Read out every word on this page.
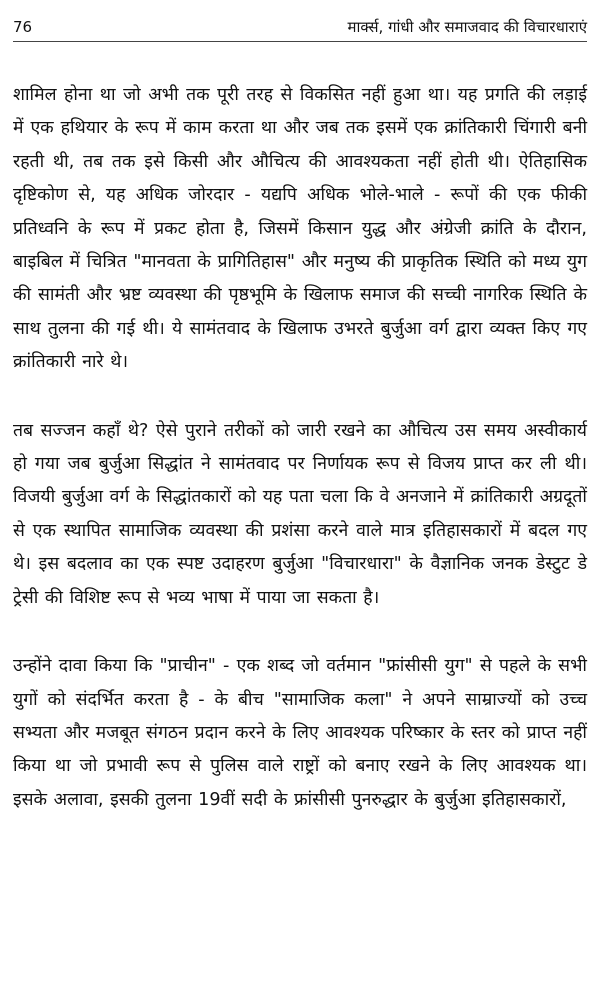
76	मार्क्स, गांधी और समाजवाद की विचारधाराएं

शामिल होना था जो अभी तक पूरी तरह से विकसित नहीं हुआ था। यह प्रगति की लड़ाई में एक हथियार के रूप में काम करता था और जब तक इसमें एक क्रांतिकारी चिंगारी बनी रहती थी, तब तक इसे किसी और औचित्य की आवश्यकता नहीं होती थी। ऐतिहासिक दृष्टिकोण से, यह अधिक जोरदार - यद्यपि अधिक भोले-भाले - रूपों की एक फीकी प्रतिध्वनि के रूप में प्रकट होता है, जिसमें किसान युद्ध और अंग्रेजी क्रांति के दौरान, बाइबिल में चित्रित "मानवता के प्रागितिहास" और मनुष्य की प्राकृतिक स्थिति को मध्य युग की सामंती और भ्रष्ट व्यवस्था की पृष्ठभूमि के खिलाफ समाज की सच्ची नागरिक स्थिति के साथ तुलना की गई थी। ये सामंतवाद के खिलाफ उभरते बुर्जुआ वर्ग द्वारा व्यक्त किए गए क्रांतिकारी नारे थे।

तब सज्जन कहाँ थे? ऐसे पुराने तरीकों को जारी रखने का औचित्य उस समय अस्वीकार्य हो गया जब बुर्जुआ सिद्धांत ने सामंतवाद पर निर्णायक रूप से विजय प्राप्त कर ली थी। विजयी बुर्जुआ वर्ग के सिद्धांतकारों को यह पता चला कि वे अनजाने में क्रांतिकारी अग्रदूतों से एक स्थापित सामाजिक व्यवस्था की प्रशंसा करने वाले मात्र इतिहासकारों में बदल गए थे। इस बदलाव का एक स्पष्ट उदाहरण बुर्जुआ "विचारधारा" के वैज्ञानिक जनक डेस्टुट डे ट्रेसी की विशिष्ट रूप से भव्य भाषा में पाया जा सकता है।

उन्होंने दावा किया कि "प्राचीन" - एक शब्द जो वर्तमान "फ्रांसीसी युग" से पहले के सभी युगों को संदर्भित करता है - के बीच "सामाजिक कला" ने अपने साम्राज्यों को उच्च सभ्यता और मजबूत संगठन प्रदान करने के लिए आवश्यक परिष्कार के स्तर को प्राप्त नहीं किया था जो प्रभावी रूप से पुलिस वाले राष्ट्रों को बनाए रखने के लिए आवश्यक था। इसके अलावा, इसकी तुलना 19वीं सदी के फ्रांसीसी पुनरुद्धार के बुर्जुआ इतिहासकारों,
